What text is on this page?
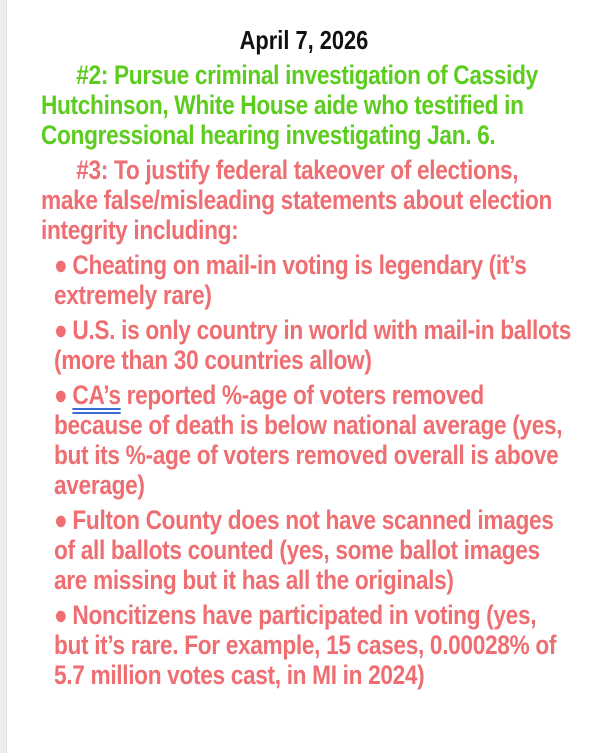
April 7, 2026
#2: Pursue criminal investigation of Cassidy Hutchinson, White House aide who testified in Congressional hearing investigating Jan. 6.
#3: To justify federal takeover of elections, make false/misleading statements about election integrity including:
● Cheating on mail-in voting is legendary (it’s extremely rare)
● U.S. is only country in world with mail-in ballots (more than 30 countries allow)
● CA’s reported %-age of voters removed because of death is below national average (yes, but its %-age of voters removed overall is above average)
● Fulton County does not have scanned images of all ballots counted (yes, some ballot images are missing but it has all the originals)
● Noncitizens have participated in voting (yes, but it’s rare. For example, 15 cases, 0.00028% of 5.7 million votes cast, in MI in 2024)
